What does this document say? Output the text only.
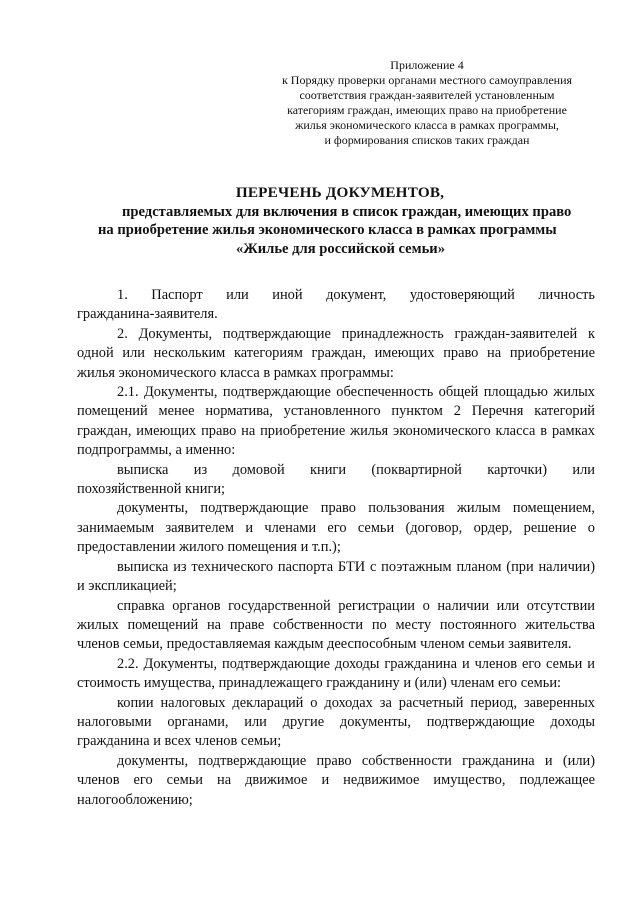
Приложение 4
к Порядку проверки органами местного самоуправления
соответствия граждан-заявителей установленным
категориям граждан, имеющих право на приобретение
жилья экономического класса в рамках программы,
и формирования списков таких граждан
ПЕРЕЧЕНЬ ДОКУМЕНТОВ,
представляемых для включения в список граждан, имеющих право
на приобретение жилья экономического класса в рамках программы
«Жилье для российской семьи»
1. Паспорт или иной документ, удостоверяющий личность

гражданина-заявителя.

2. Документы, подтверждающие принадлежность граждан-заявителей к одной или нескольким категориям граждан, имеющих право на приобретение жилья экономического класса в рамках программы:

2.1. Документы, подтверждающие обеспеченность общей площадью жилых помещений менее норматива, установленного пунктом 2 Перечня категорий граждан, имеющих право на приобретение жилья экономического класса в рамках подпрограммы, а именно:

выписка из домовой книги (поквартирной карточки) или

похозяйственной книги;

документы, подтверждающие право пользования жилым помещением, занимаемым заявителем и членами его семьи (договор, ордер, решение о предоставлении жилого помещения и т.п.);

выписка из технического паспорта БТИ с поэтажным планом (при наличии) и экспликацией;

справка органов государственной регистрации о наличии или отсутствии жилых помещений на праве собственности по месту постоянного жительства членов семьи, предоставляемая каждым дееспособным членом семьи заявителя.

2.2. Документы, подтверждающие доходы гражданина и членов его семьи и стоимость имущества, принадлежащего гражданину и (или) членам его семьи:

копии налоговых деклараций о доходах за расчетный период, заверенных налоговыми органами, или другие документы, подтверждающие доходы гражданина и всех членов семьи;

документы, подтверждающие право собственности гражданина и (или) членов его семьи на движимое и недвижимое имущество, подлежащее налогообложению;
